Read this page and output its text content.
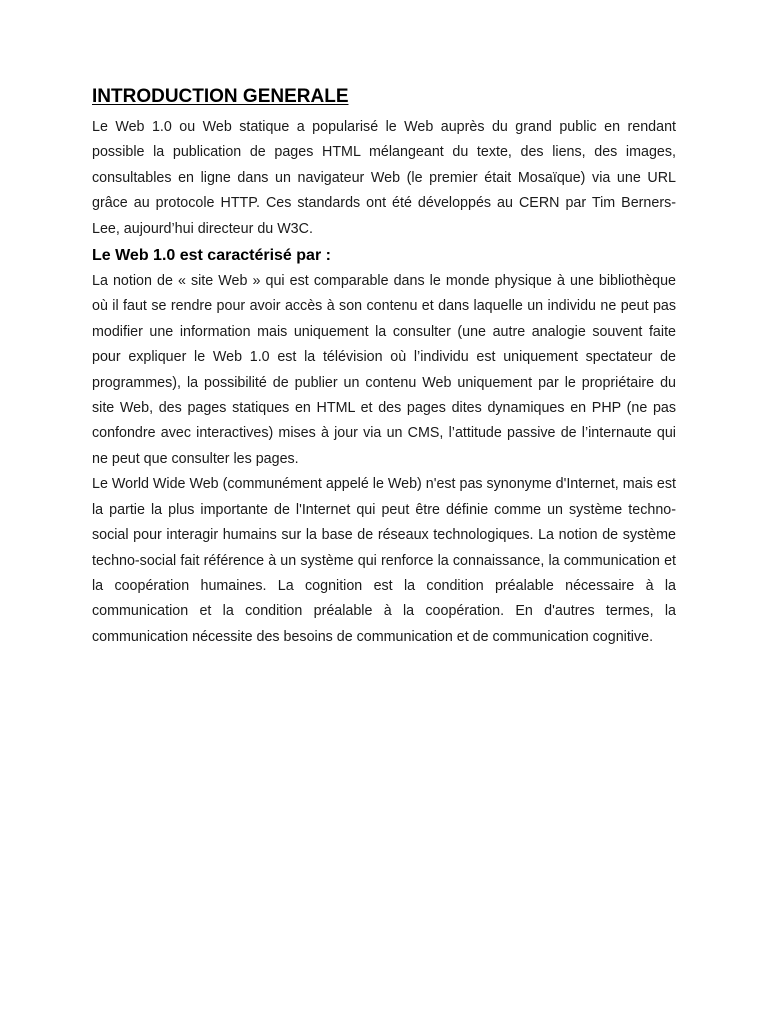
INTRODUCTION GENERALE

Le Web 1.0 ou Web statique a popularisé le Web auprès du grand public en rendant possible la publication de pages HTML mélangeant du texte, des liens, des images, consultables en ligne dans un navigateur Web (le premier était Mosaïque) via une URL grâce au protocole HTTP. Ces standards ont été développés au CERN par Tim Berners-Lee, aujourd’hui directeur du W3C.

Le Web 1.0 est caractérisé par :

La notion de « site Web » qui est comparable dans le monde physique à une bibliothèque où il faut se rendre pour avoir accès à son contenu et dans laquelle un individu ne peut pas modifier une information mais uniquement la consulter (une autre analogie souvent faite pour expliquer le Web 1.0 est la télévision où l’individu est uniquement spectateur de programmes), la possibilité de publier un contenu Web uniquement par le propriétaire du site Web, des pages statiques en HTML et des pages dites dynamiques en PHP (ne pas confondre avec interactives) mises à jour via un CMS, l’attitude passive de l’internaute qui ne peut que consulter les pages.

Le World Wide Web (communément appelé le Web) n'est pas synonyme d'Internet, mais est la partie la plus importante de l'Internet qui peut être définie comme un système techno-social pour interagir humains sur la base de réseaux technologiques. La notion de système techno-social fait référence à un système qui renforce la connaissance, la communication et la coopération humaines. La cognition est la condition préalable nécessaire à la communication et la condition préalable à la coopération. En d'autres termes, la communication nécessite des besoins de communication et de communication cognitive.
